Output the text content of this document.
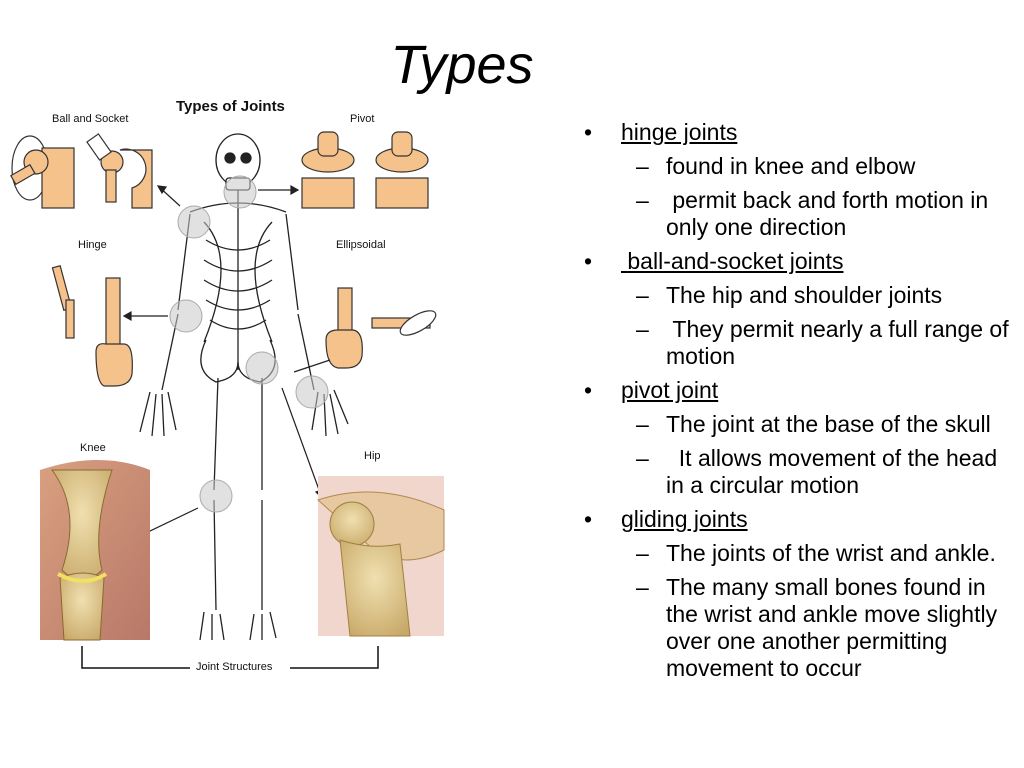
Types
Types of Joints
Ball and Socket	Pivot
Hinge	Ellipsoidal
Knee
Hip
Joint Structures
• hinge joints
– found in knee and elbow
– permit back and forth motion in only one direction
• ball-and-socket joints
– The hip and shoulder joints
– They permit nearly a full range of motion
• pivot joint
– The joint at the base of the skull
– It allows movement of the head in a circular motion
• gliding joints
– The joints of the wrist and ankle.
– The many small bones found in the wrist and ankle move slightly over one another permitting movement to occur
